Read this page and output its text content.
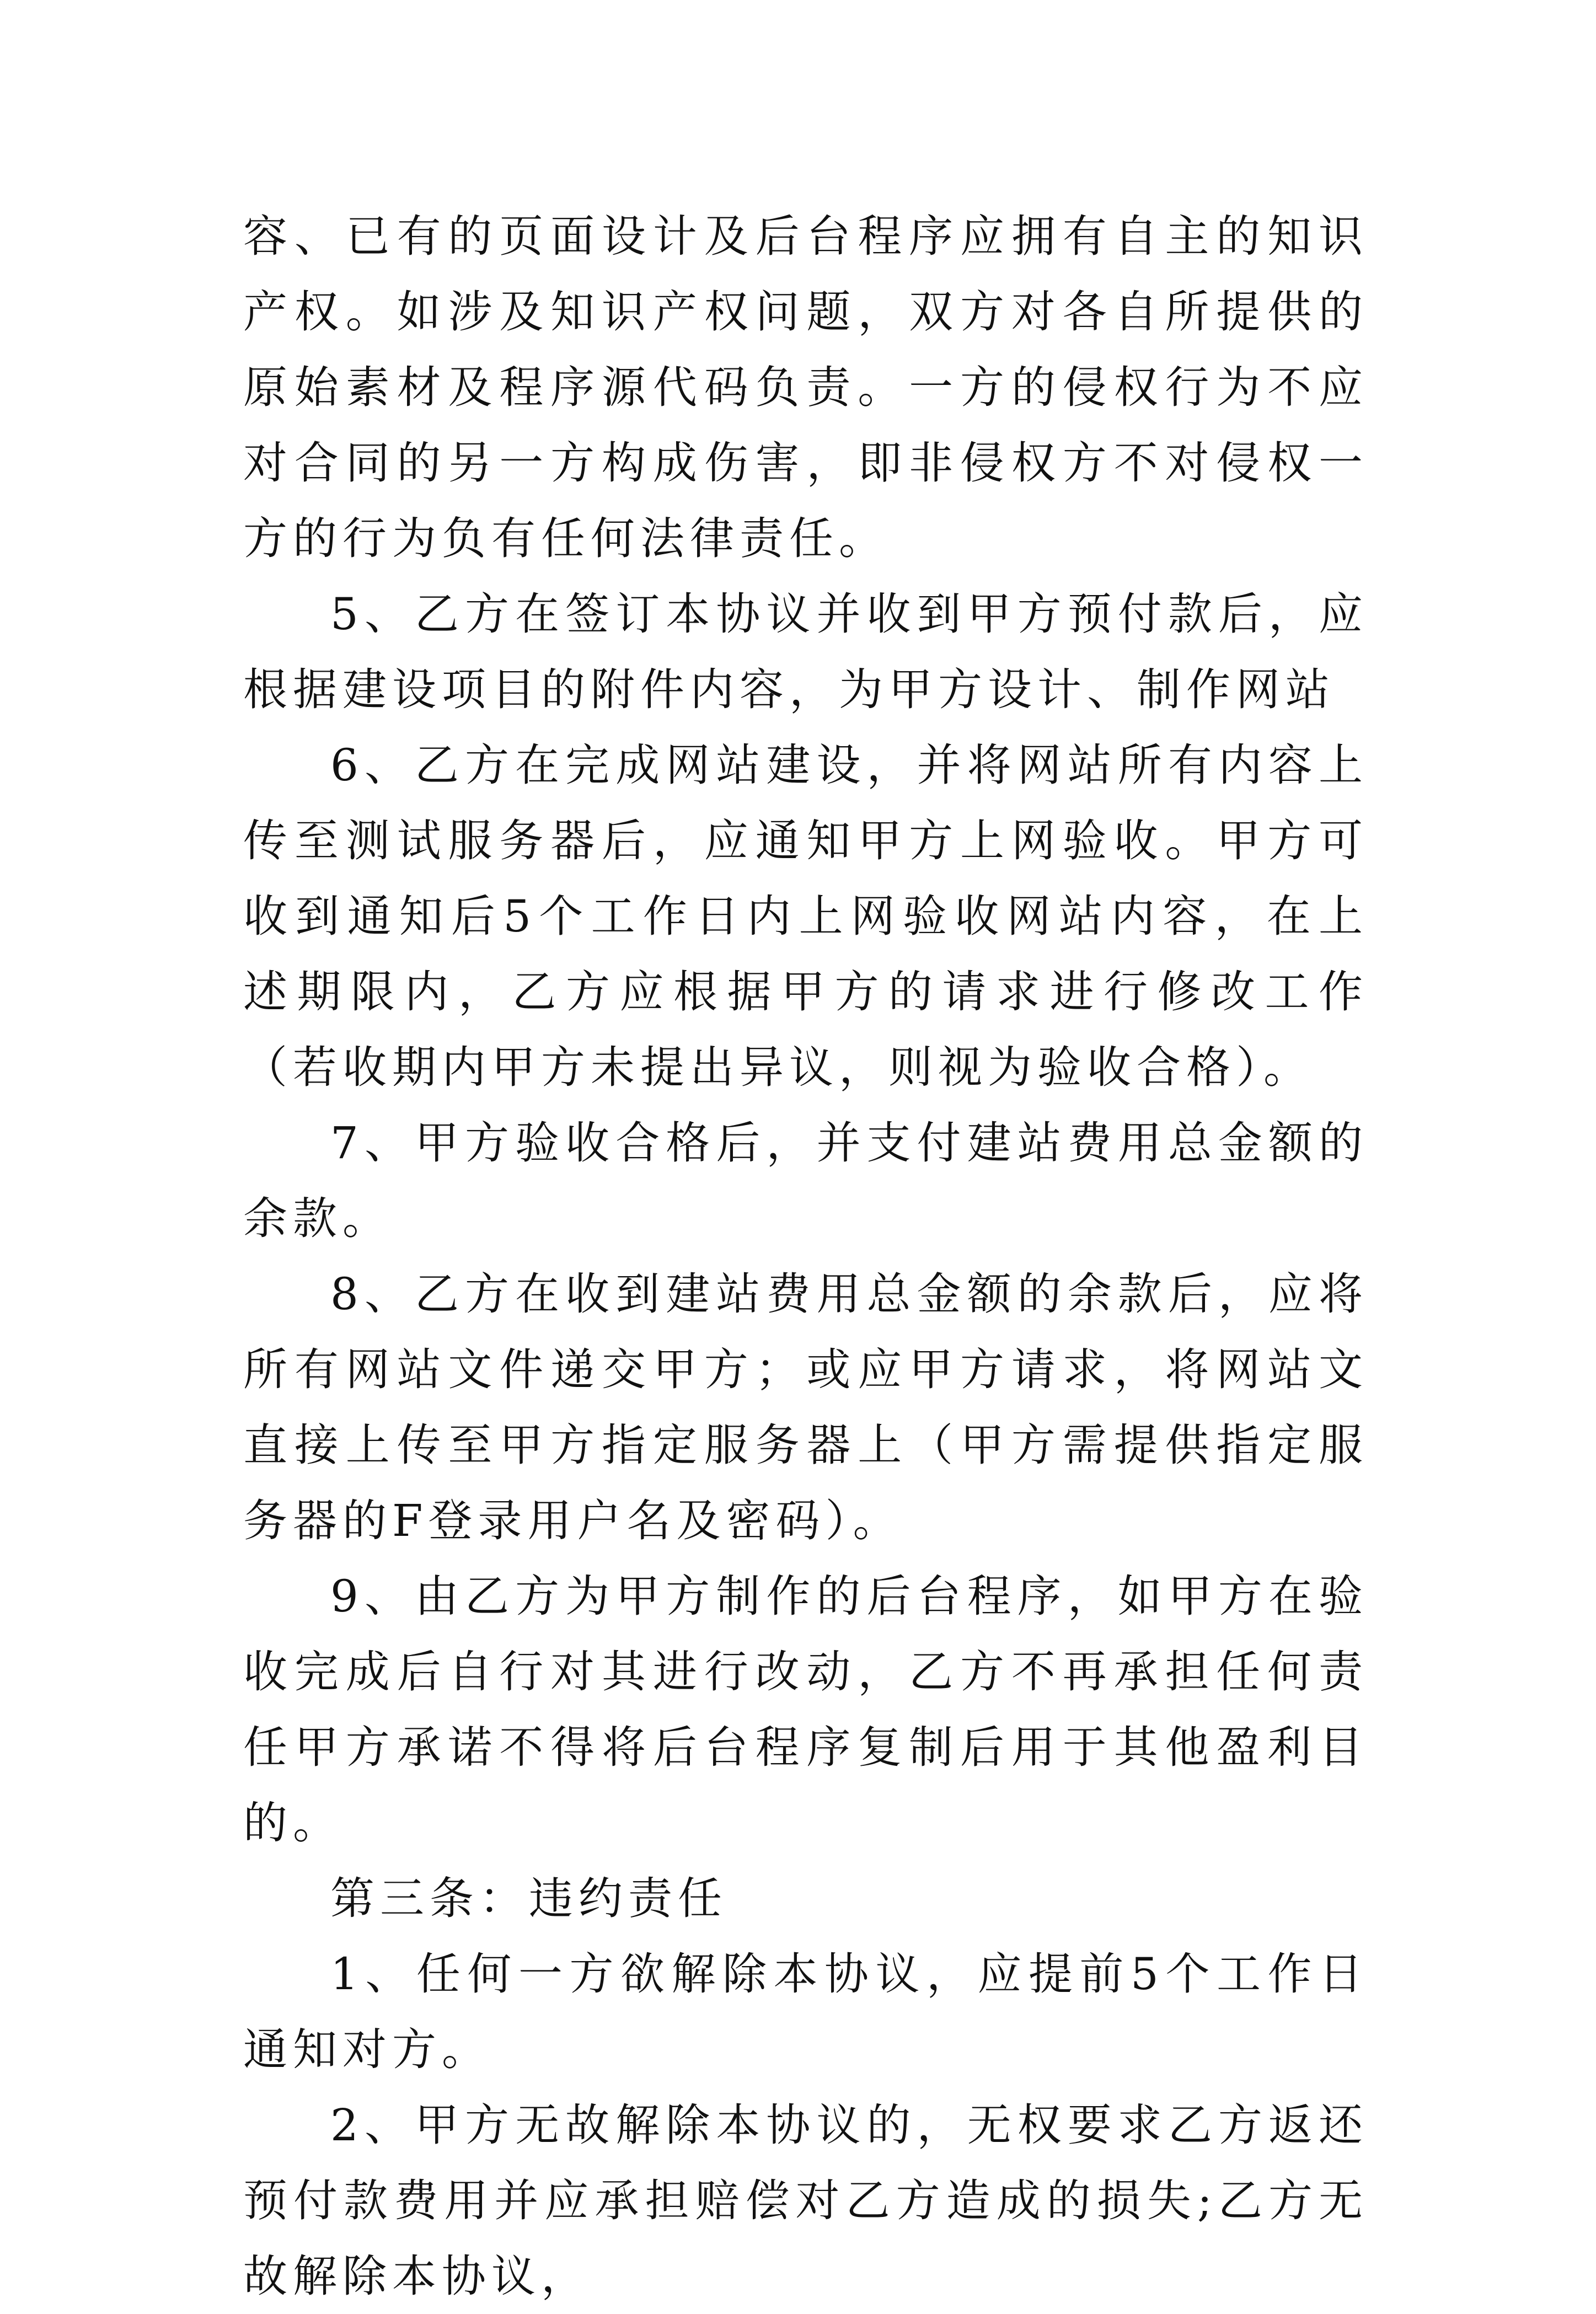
容、已有的页面设计及后台程序应拥有自主的知识产权。如涉及知识产权问题，双方对各自所提供的原始素材及程序源代码负责。一方的侵权行为不应对合同的另一方构成伤害，即非侵权方不对侵权一方的行为负有任何法律责任。

5、乙方在签订本协议并收到甲方预付款后，应根据建设项目的附件内容，为甲方设计、制作网站

6、乙方在完成网站建设，并将网站所有内容上传至测试服务器后，应通知甲方上网验收。甲方可收到通知后5个工作日内上网验收网站内容，在上述期限内，乙方应根据甲方的请求进行修改工作（若收期内甲方未提出异议，则视为验收合格）。

7、甲方验收合格后，并支付建站费用总金额的余款。

8、乙方在收到建站费用总金额的余款后，应将所有网站文件递交甲方；或应甲方请求，将网站文直接上传至甲方指定服务器上（甲方需提供指定服务器的F登录用户名及密码）。

9、由乙方为甲方制作的后台程序，如甲方在验收完成后自行对其进行改动，乙方不再承担任何责任甲方承诺不得将后台程序复制后用于其他盈利目的。

第三条：违约责任

1、任何一方欲解除本协议，应提前5个工作日通知对方。

2、甲方无故解除本协议的，无权要求乙方返还预付款费用并应承担赔偿对乙方造成的损失;乙方无故解除本协议，
